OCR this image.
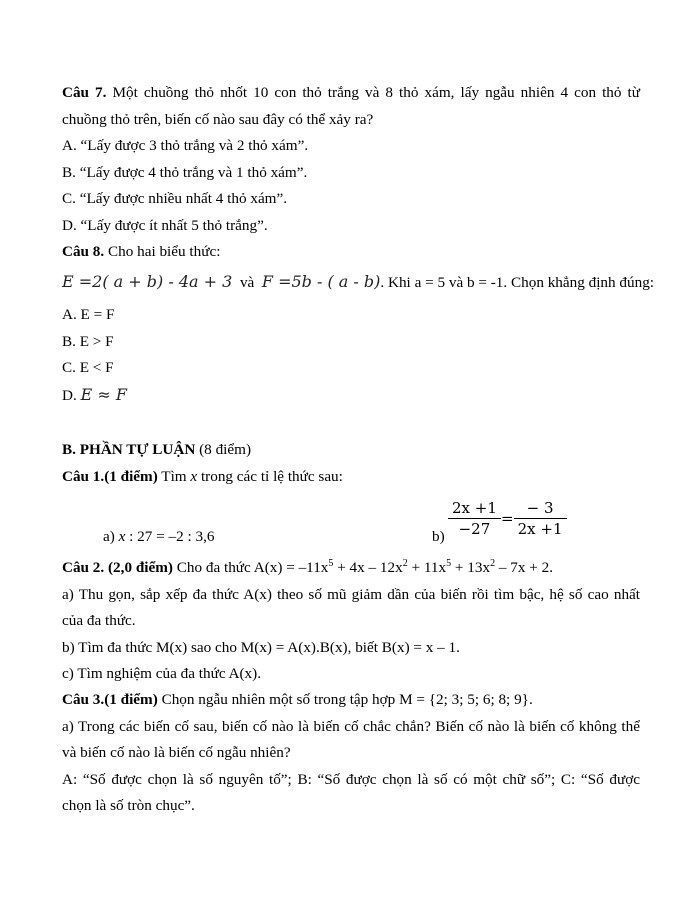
Câu 7. Một chuồng thỏ nhốt 10 con thỏ trắng và 8 thỏ xám, lấy ngẫu nhiên 4 con thỏ từ
chuồng thỏ trên, biến cố nào sau đây có thể xảy ra?
A. “Lấy được 3 thỏ trắng và 2 thỏ xám”.
B. “Lấy được 4 thỏ trắng và 1 thỏ xám”.
C. “Lấy được nhiều nhất 4 thỏ xám”.
D. “Lấy được ít nhất 5 thỏ trắng”.
Câu 8. Cho hai biểu thức:
E =2( a + b) - 4a + 3 và F =5b - ( a - b). Khi a = 5 và b = -1. Chọn khẳng định đúng:
A. E = F
B. E > F
C. E < F
D. E ≈ F
B. PHẦN TỰ LUẬN (8 điểm)
Câu 1.(1 điểm) Tìm x trong các tỉ lệ thức sau:
a) x : 27 = –2 : 3,6	$b) \frac{2x +1}{-27} = \frac{- 3}{2x +1}$
Câu 2. (2,0 điểm) Cho đa thức $A(x) = -11x^5 + 4x - 12x^2 + 11x^5 + 13x^2 - 7x + 2$.
a) Thu gọn, sắp xếp đa thức A(x) theo số mũ giảm dần của biến rồi tìm bậc, hệ số cao nhất
của đa thức.
b) Tìm đa thức M(x) sao cho M(x) = A(x).B(x), biết B(x) = x – 1.
c) Tìm nghiệm của đa thức A(x).
Câu 3.(1 điểm) Chọn ngẫu nhiên một số trong tập hợp M = {2; 3; 5; 6; 8; 9}.
a) Trong các biến cố sau, biến cố nào là biến cố chắc chắn? Biến cố nào là biến cố không thể
và biến cố nào là biến cố ngẫu nhiên?
A: “Số được chọn là số nguyên tố”; B: “Số được chọn là số có một chữ số”; C: “Số được
chọn là số tròn chục”.
